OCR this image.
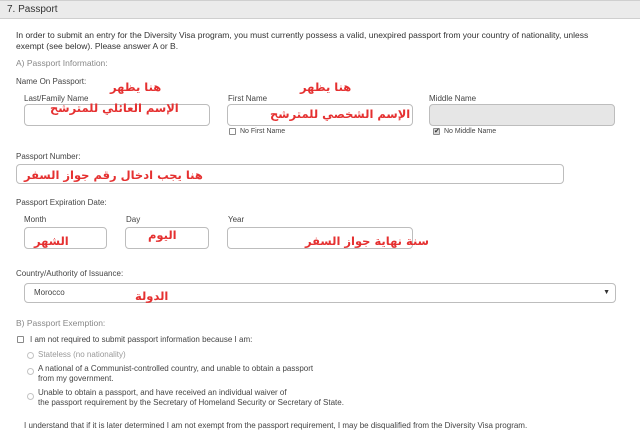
7. Passport
In order to submit an entry for the Diversity Visa program, you must currently possess a valid, unexpired passport from your country of nationality, unless exempt (see below). Please answer A or B.
A) Passport Information:
Name On Passport:
Last/Family Name	First Name	Middle Name
هنا يظهر
الإسم العائلي للمترشح
هنا يظهر
الإسم الشخصي للمترشح
No First Name
✔	No Middle Name
Passport Number:
هنا يجب ادخال رقم جواز السفر
Passport Expiration Date:
Month	Day	Year
الشهر	اليوم	سنة نهاية جواز السفر
Country/Authority of Issuance:
Morocco	▼
الدولة
B) Passport Exemption:
I am not required to submit passport information because I am:
Stateless (no nationality)
A national of a Communist-controlled country, and unable to obtain a passport
from my government.
Unable to obtain a passport, and have received an individual waiver of
the passport requirement by the Secretary of Homeland Security or Secretary of State.
I understand that if it is later determined I am not exempt from the passport requirement, I may be disqualified from the Diversity Visa program.
